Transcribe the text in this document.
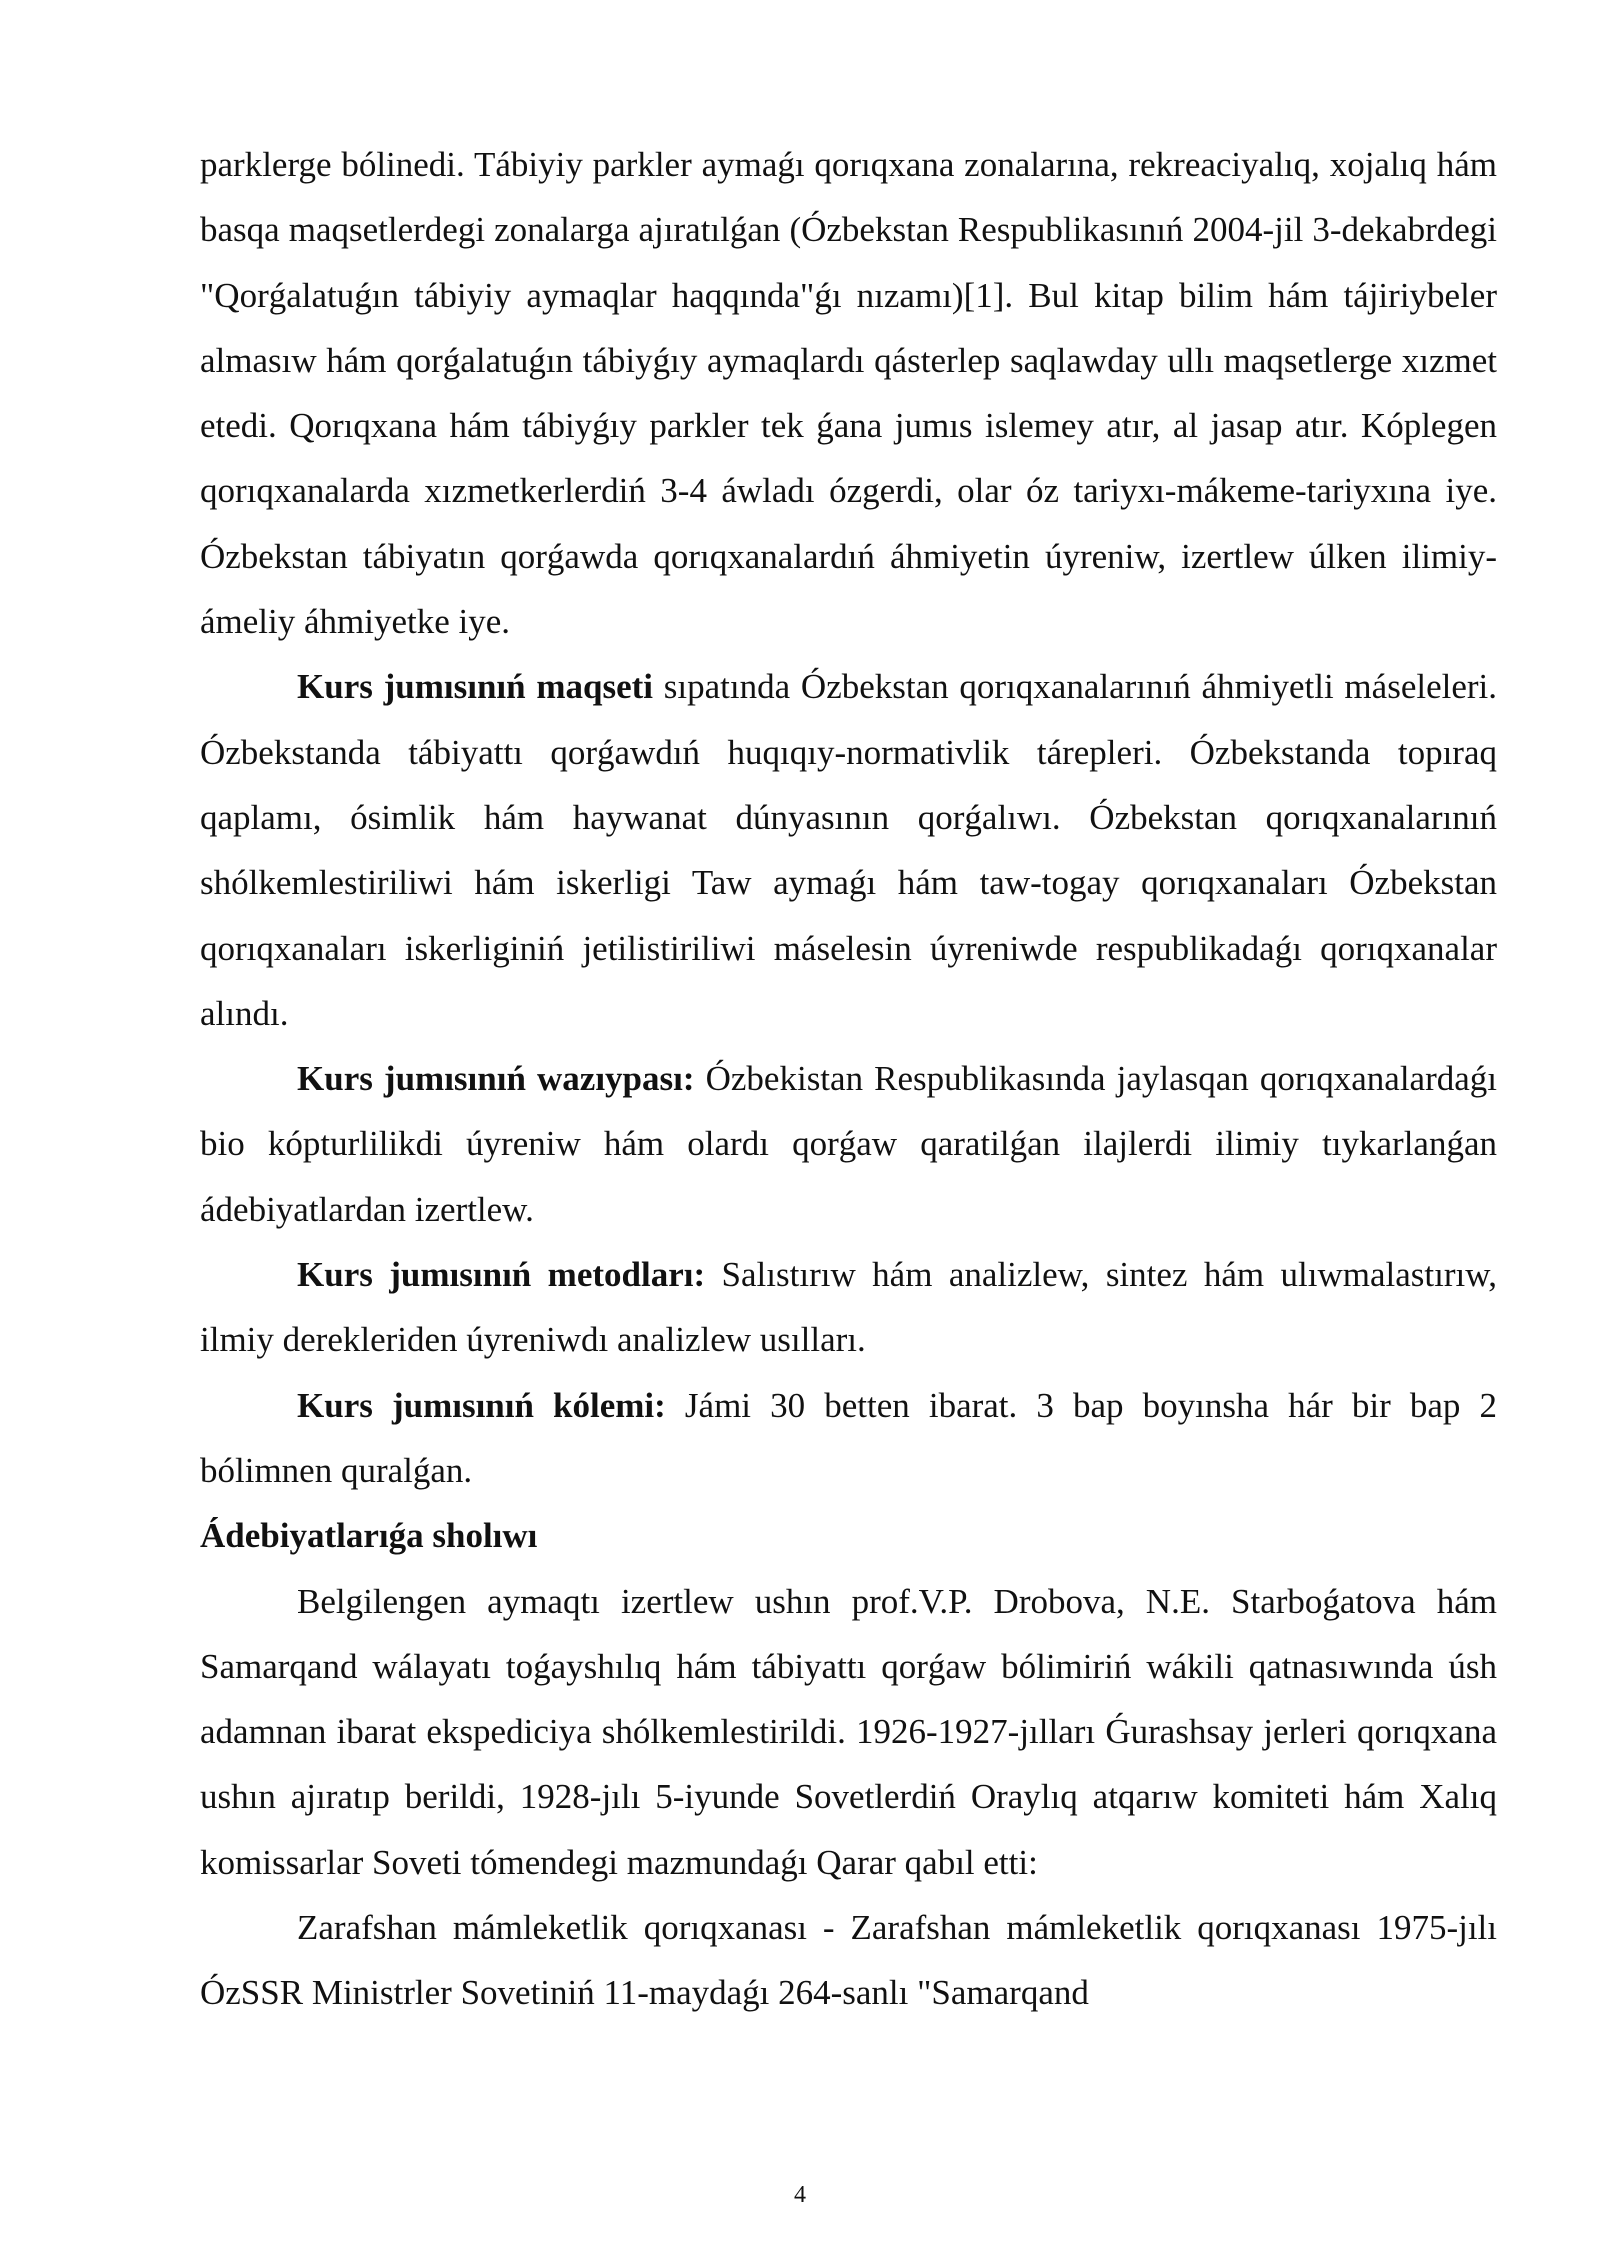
parklerge bólinedi. Tábiyiy parkler aymaǵı qorıqxana zonalarına, rekreaciyalıq, xojalıq hám basqa maqsetlerdegi zonalarga ajıratılǵan (Ózbekstan Respublikasınıń 2004-jil 3-dekabrdegi "Qorǵalatuǵın tábiyiy aymaqlar haqqında"ǵı nızamı)[1]. Bul kitap bilim hám tájiriybeler almasıw hám qorǵalatuǵın tábiyǵıy aymaqlardı qásterlep saqlawday ullı maqsetlerge xızmet etedi. Qorıqxana hám tábiyǵıy parkler tek ǵana jumıs islemey atır, al jasap atır. Kóplegen qorıqxanalarda xızmetkerlerdiń 3-4 áwladı ózgerdi, olar óz tariyxı-mákeme-tariyxına iye. Ózbekstan tábiyatın qorǵawda qorıqxanalardıń áhmiyetin úyreniw, izertlew úlken ilimiy-ámeliy áhmiyetke iye.

Kurs jumısınıń maqseti sıpatında Ózbekstan qorıqxanalarınıń áhmiyetli máseleleri. Ózbekstanda tábiyattı qorǵawdıń huqıqıy-normativlik tárepleri. Ózbekstanda topıraq qaplamı, ósimlik hám haywanat dúnyasının qorǵalıwı. Ózbekstan qorıqxanalarınıń shólkemlestiriliwi hám iskerligi Taw aymaǵı hám taw-togay qorıqxanaları Ózbekstan qorıqxanaları iskerliginiń jetilistiriliwi máselesin úyreniwde respublikadaǵı qorıqxanalar alındı.

Kurs jumısınıń wazıypası: Ózbekistan Respublikasında jaylasqan qorıqxanalardaǵı bio kópturlilikdi úyreniw hám olardı qorǵaw qaratilǵan ilajlerdi ilimiy tıykarlanǵan ádebiyatlardan izertlew.

Kurs jumısınıń metodları: Salıstırıw hám analizlew, sintez hám ulıwmalastırıw, ilmiy derekleriden úyreniwdı analizlew usılları.

Kurs jumısınıń kólemi: Jámi 30 betten ibarat. 3 bap boyınsha hár bir bap 2 bólimnen quralǵan.

Ádebiyatlarıǵa sholıwı

Belgilengen aymaqtı izertlew ushın prof.V.P. Drobova, N.E. Starboǵatova hám Samarqand wálayatı toǵayshılıq hám tábiyattı qorǵaw bólimiriń wákili qatnasıwında úsh adamnan ibarat ekspediciya shólkemlestirildi. 1926-1927-jılları Ǵurashsay jerleri qorıqxana ushın ajıratıp berildi, 1928-jılı 5-iyunde Sovetlerdiń Oraylıq atqarıw komiteti hám Xalıq komissarlar Soveti tómendegi mazmundaǵı Qarar qabıl etti:

Zarafshan mámleketlik qorıqxanası - Zarafshan mámleketlik qorıqxanası 1975-jılı ÓzSSR Ministrler Sovetiniń 11-maydaǵı 264-sanlı "Samarqand

4
